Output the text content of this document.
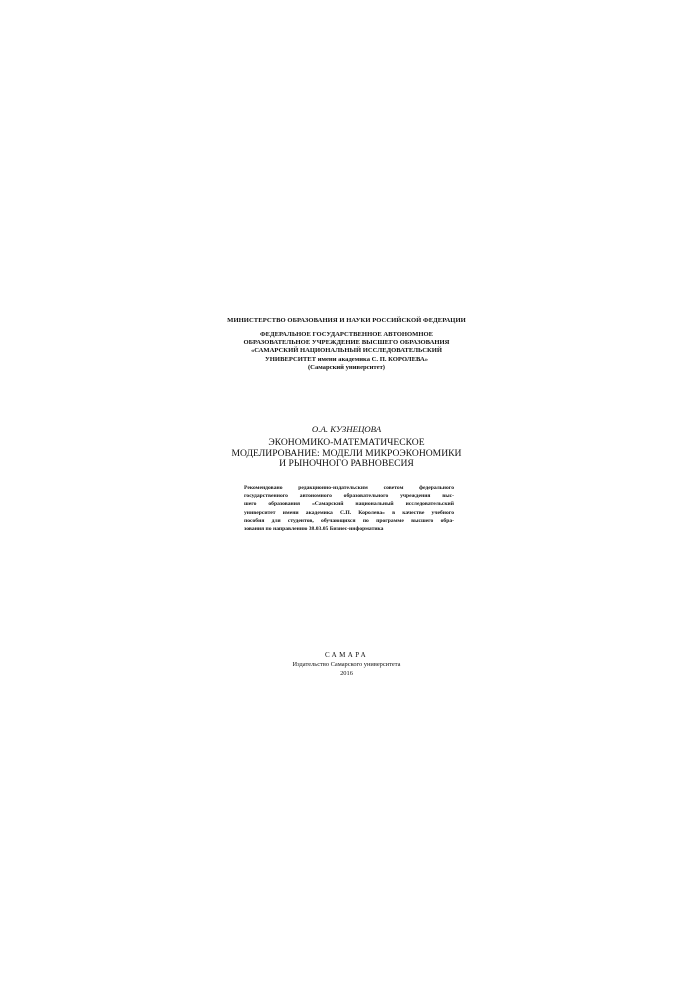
МИНИСТЕРСТВО ОБРАЗОВАНИЯ И НАУКИ РОССИЙСКОЙ ФЕДЕРАЦИИ
ФЕДЕРАЛЬНОЕ ГОСУДАРСТВЕННОЕ АВТОНОМНОЕ
ОБРАЗОВАТЕЛЬНОЕ УЧРЕЖДЕНИЕ ВЫСШЕГО ОБРАЗОВАНИЯ
«САМАРСКИЙ НАЦИОНАЛЬНЫЙ ИССЛЕДОВАТЕЛЬСКИЙ
УНИВЕРСИТЕТ имени академика С. П. КОРОЛЕВА»
(Самарский университет)
О.А. КУЗНЕЦОВА
ЭКОНОМИКО-МАТЕМАТИЧЕСКОЕ
МОДЕЛИРОВАНИЕ: МОДЕЛИ МИКРОЭКОНОМИКИ
И РЫНОЧНОГО РАВНОВЕСИЯ
Рекомендовано редакционно-издательским советом федерального
государственного автономного образовательного учреждения выс-
шего образования «Самарский национальный исследовательский
университет имени академика С.П. Королева» в качестве учебного
пособия для студентов, обучающихся по программе высшего обра-
зования по направлению 38.03.05 Бизнес-информатика
САМАРА
Издательство Самарского университета
2016
